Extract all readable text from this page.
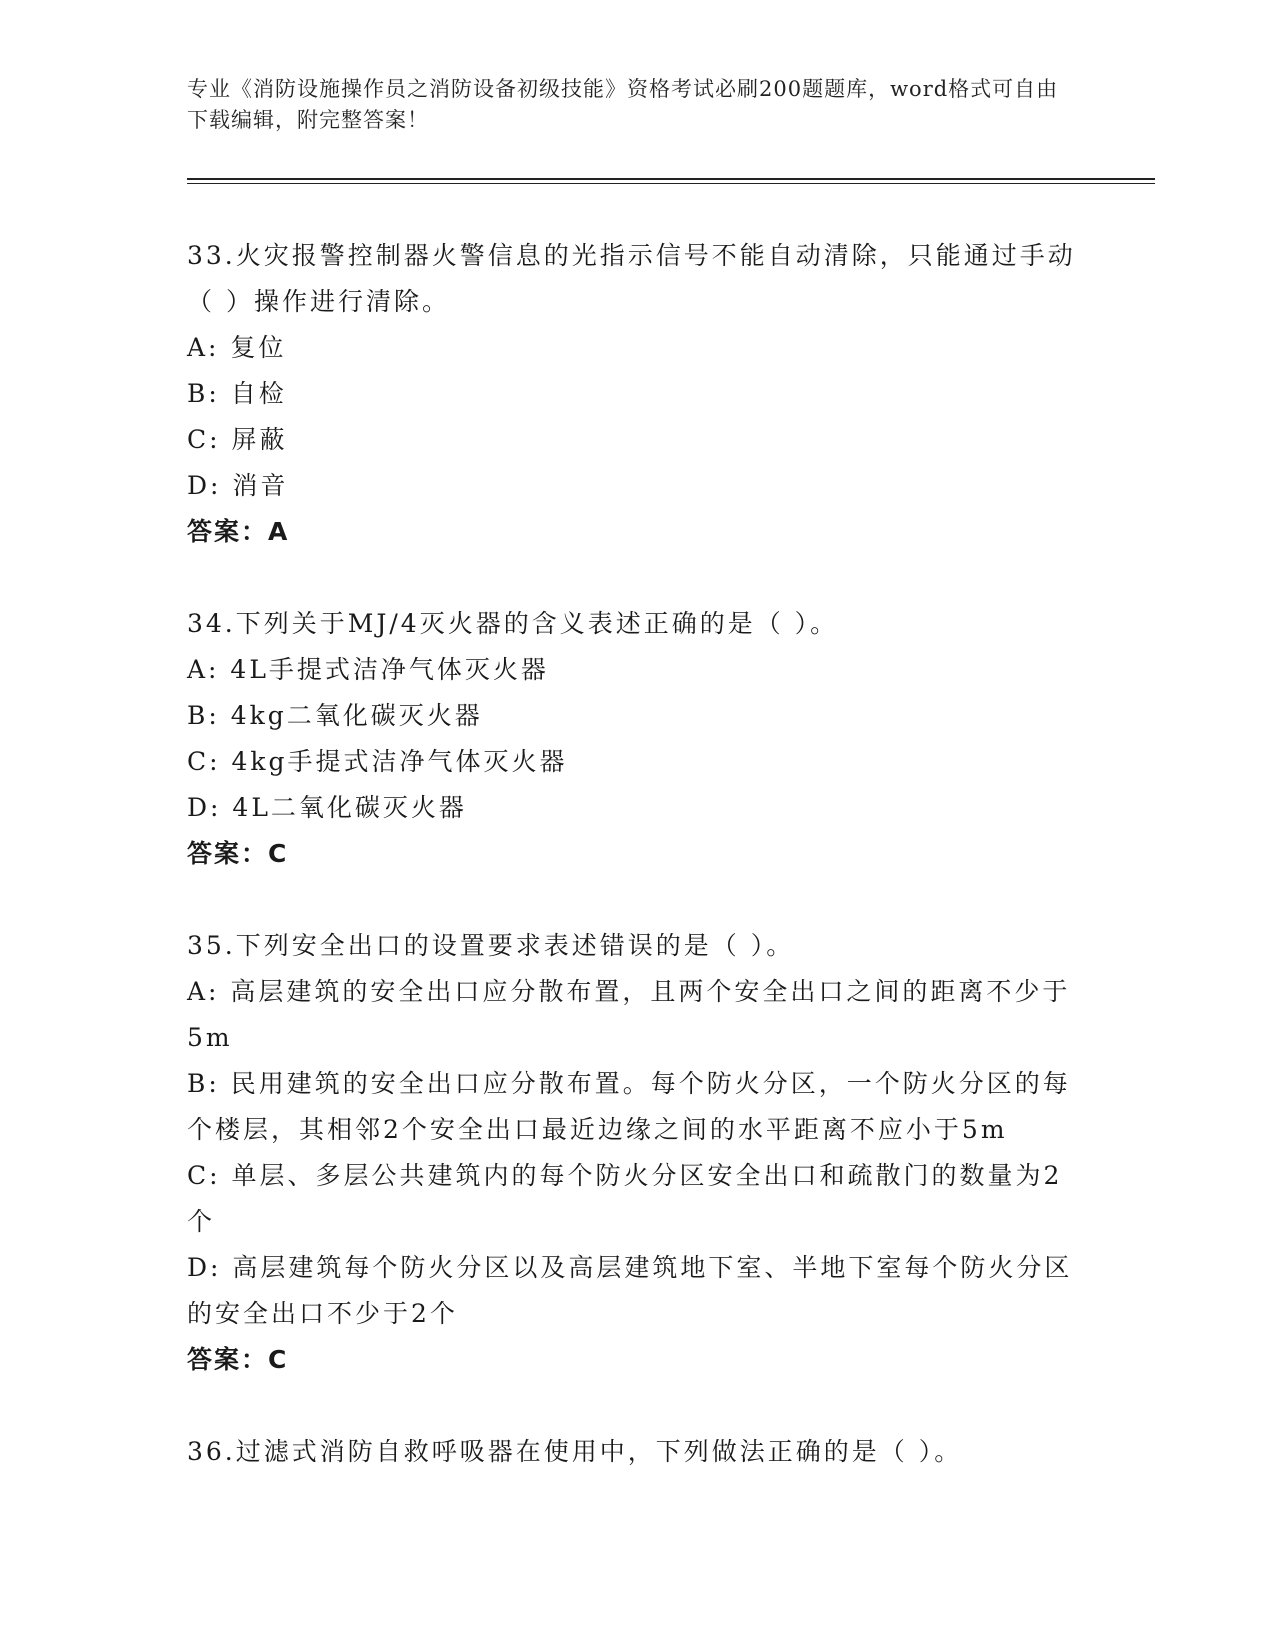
专业《消防设施操作员之消防设备初级技能》资格考试必刷200题题库，word格式可自由下载编辑，附完整答案！

33.火灾报警控制器火警信息的光指示信号不能自动清除，只能通过手动（ ）操作进行清除。

A: 复位

B: 自检

C: 屏蔽

D: 消音

答案：A

34.下列关于MJ/4灭火器的含义表述正确的是（ ）。

A: 4L手提式洁净气体灭火器

B: 4kg二氧化碳灭火器

C: 4kg手提式洁净气体灭火器

D: 4L二氧化碳灭火器

答案：C

35.下列安全出口的设置要求表述错误的是（ ）。

A: 高层建筑的安全出口应分散布置，且两个安全出口之间的距离不少于5m

B: 民用建筑的安全出口应分散布置。每个防火分区，一个防火分区的每个楼层，其相邻2个安全出口最近边缘之间的水平距离不应小于5m

C: 单层、多层公共建筑内的每个防火分区安全出口和疏散门的数量为2个

D: 高层建筑每个防火分区以及高层建筑地下室、半地下室每个防火分区的安全出口不少于2个

答案：C

36.过滤式消防自救呼吸器在使用中，下列做法正确的是（ ）。
